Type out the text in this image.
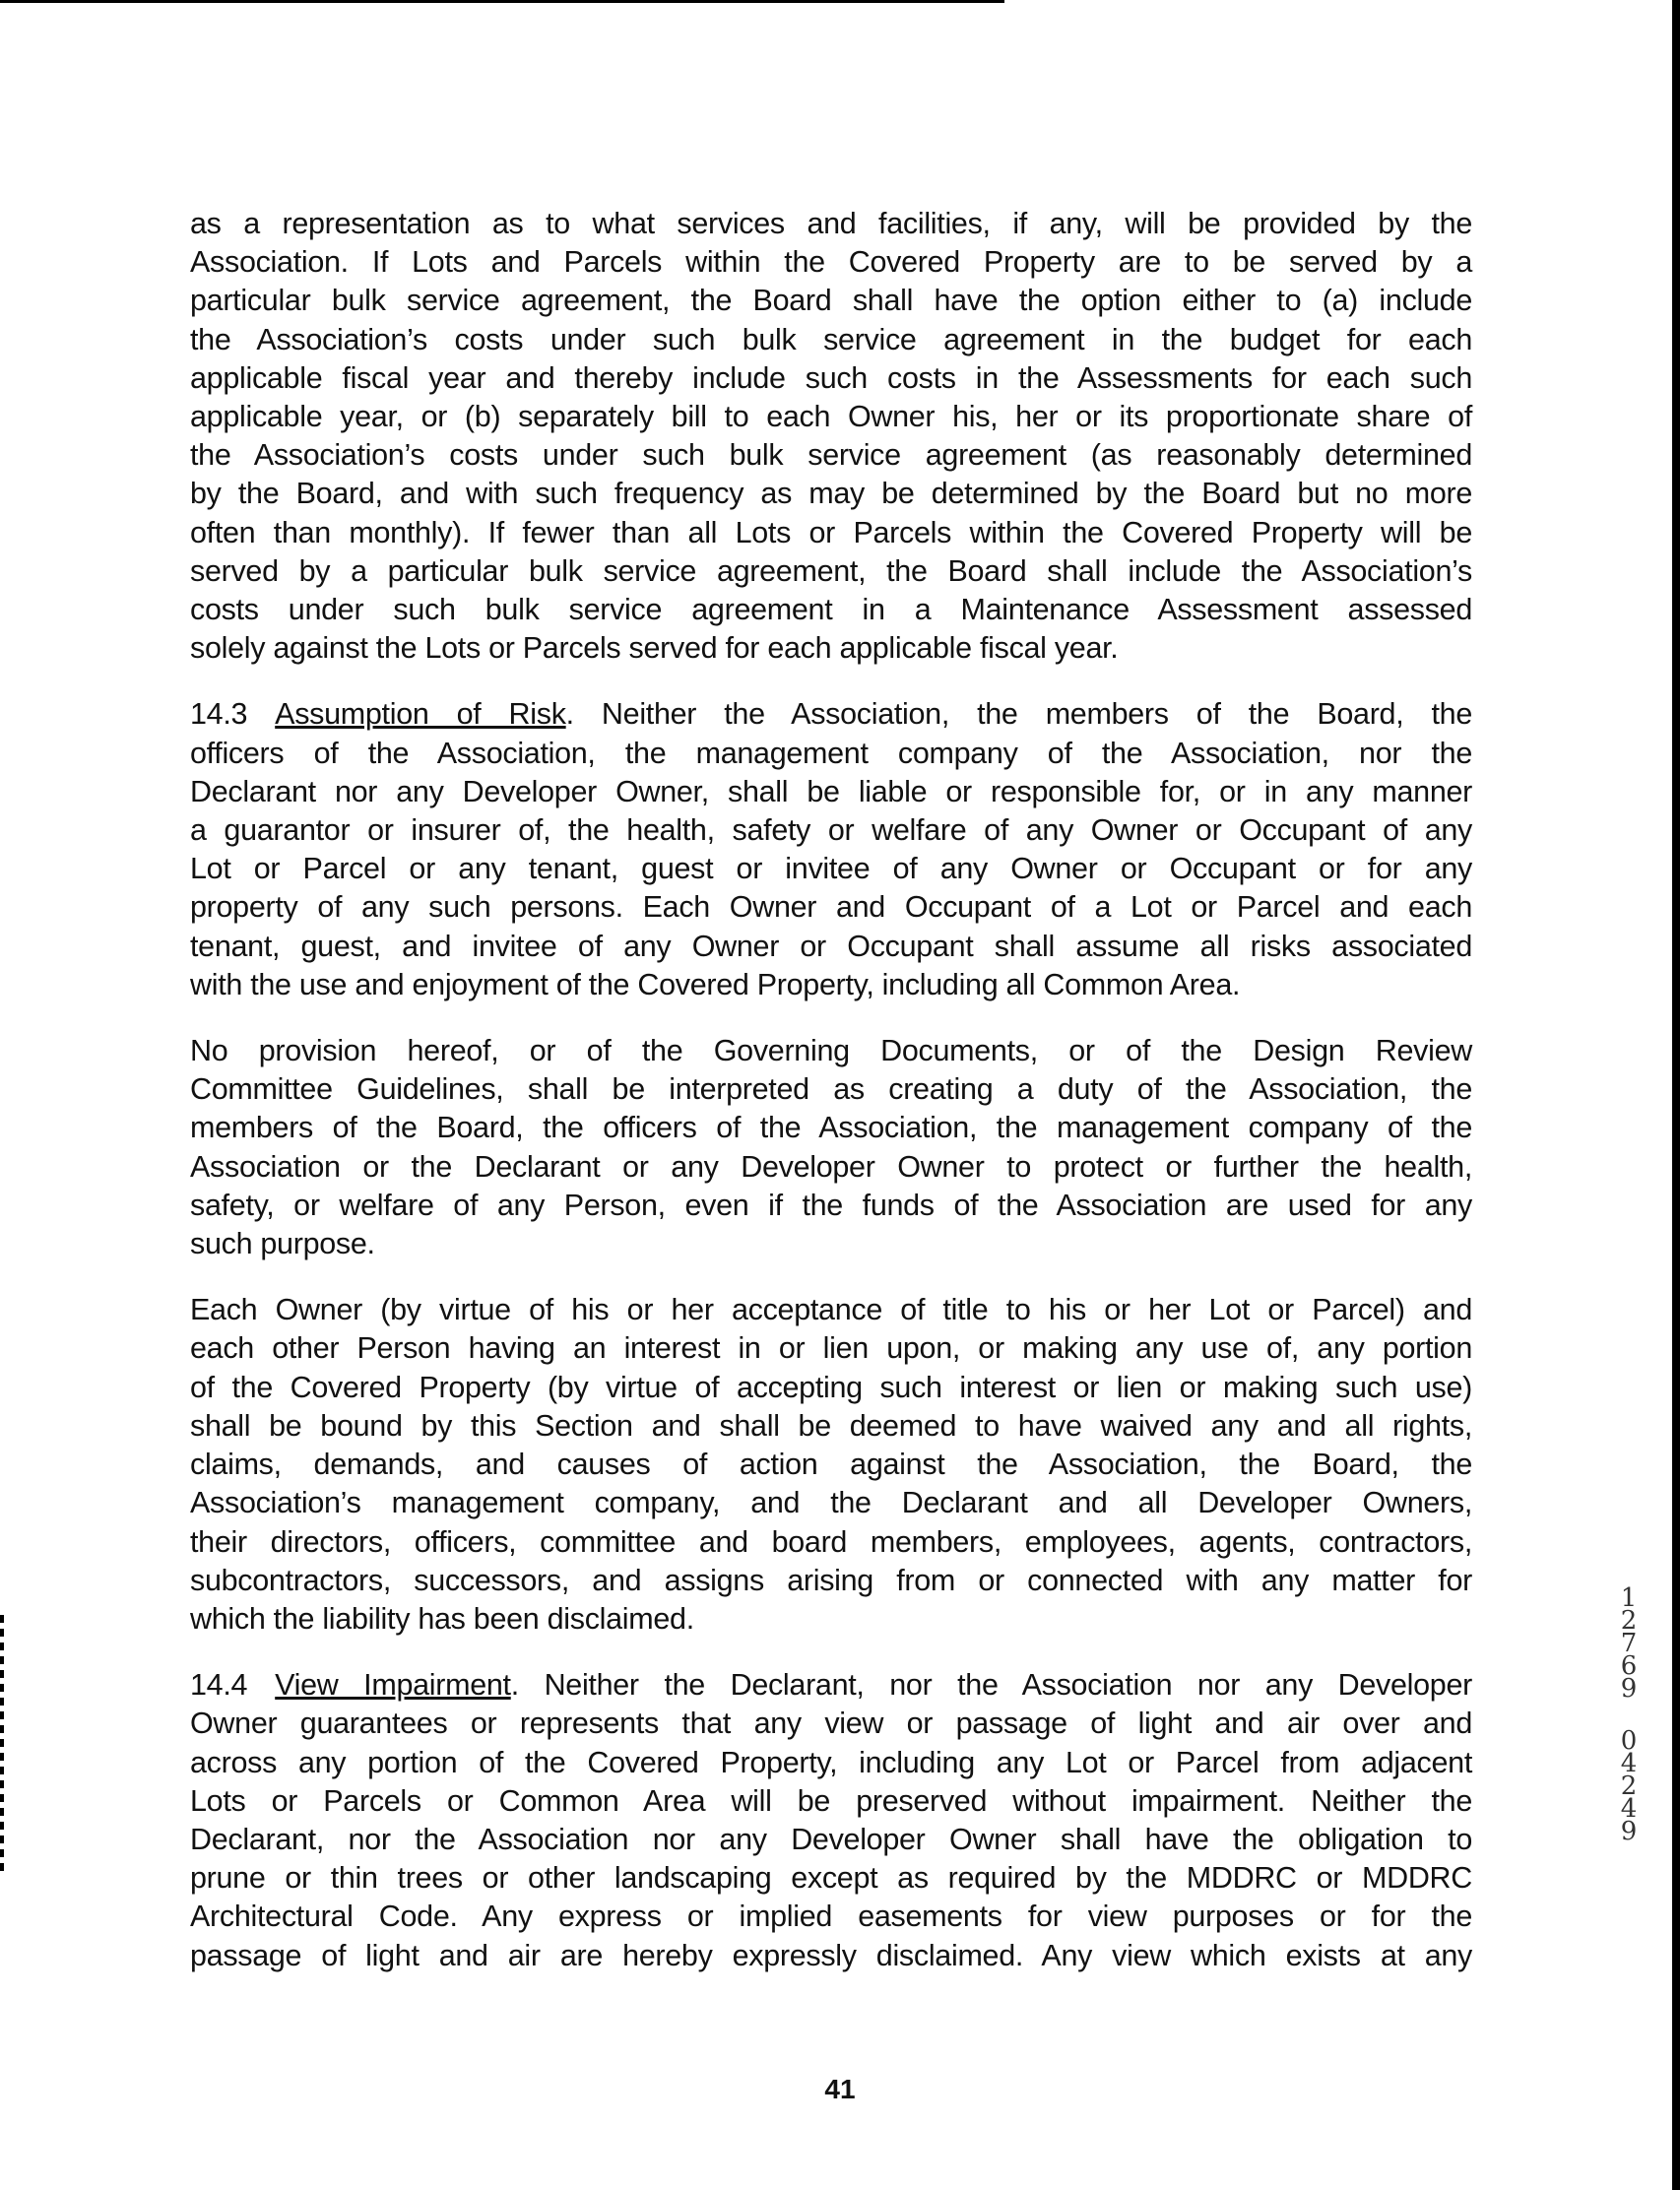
as a representation as to what services and facilities, if any, will be provided by the
Association. If Lots and Parcels within the Covered Property are to be served by a
particular bulk service agreement, the Board shall have the option either to (a) include
the Association’s costs under such bulk service agreement in the budget for each
applicable fiscal year and thereby include such costs in the Assessments for each such
applicable year, or (b) separately bill to each Owner his, her or its proportionate share of
the Association’s costs under such bulk service agreement (as reasonably determined
by the Board, and with such frequency as may be determined by the Board but no more
often than monthly). If fewer than all Lots or Parcels within the Covered Property will be
served by a particular bulk service agreement, the Board shall include the Association’s
costs under such bulk service agreement in a Maintenance Assessment assessed
solely against the Lots or Parcels served for each applicable fiscal year.

14.3 Assumption of Risk. Neither the Association, the members of the Board, the
officers of the Association, the management company of the Association, nor the
Declarant nor any Developer Owner, shall be liable or responsible for, or in any manner
a guarantor or insurer of, the health, safety or welfare of any Owner or Occupant of any
Lot or Parcel or any tenant, guest or invitee of any Owner or Occupant or for any
property of any such persons. Each Owner and Occupant of a Lot or Parcel and each
tenant, guest, and invitee of any Owner or Occupant shall assume all risks associated
with the use and enjoyment of the Covered Property, including all Common Area.

No provision hereof, or of the Governing Documents, or of the Design Review
Committee Guidelines, shall be interpreted as creating a duty of the Association, the
members of the Board, the officers of the Association, the management company of the
Association or the Declarant or any Developer Owner to protect or further the health,
safety, or welfare of any Person, even if the funds of the Association are used for any
such purpose.

Each Owner (by virtue of his or her acceptance of title to his or her Lot or Parcel) and
each other Person having an interest in or lien upon, or making any use of, any portion
of the Covered Property (by virtue of accepting such interest or lien or making such use)
shall be bound by this Section and shall be deemed to have waived any and all rights,
claims, demands, and causes of action against the Association, the Board, the
Association’s management company, and the Declarant and all Developer Owners,
their directors, officers, committee and board members, employees, agents, contractors,
subcontractors, successors, and assigns arising from or connected with any matter for
which the liability has been disclaimed.

14.4 View Impairment. Neither the Declarant, nor the Association nor any Developer
Owner guarantees or represents that any view or passage of light and air over and
across any portion of the Covered Property, including any Lot or Parcel from adjacent
Lots or Parcels or Common Area will be preserved without impairment. Neither the
Declarant, nor the Association nor any Developer Owner shall have the obligation to
prune or thin trees or other landscaping except as required by the MDDRC or MDDRC
Architectural Code. Any express or implied easements for view purposes or for the
passage of light and air are hereby expressly disclaimed. Any view which exists at any

1
2
7
6
9
0
4
2
4
9
41
